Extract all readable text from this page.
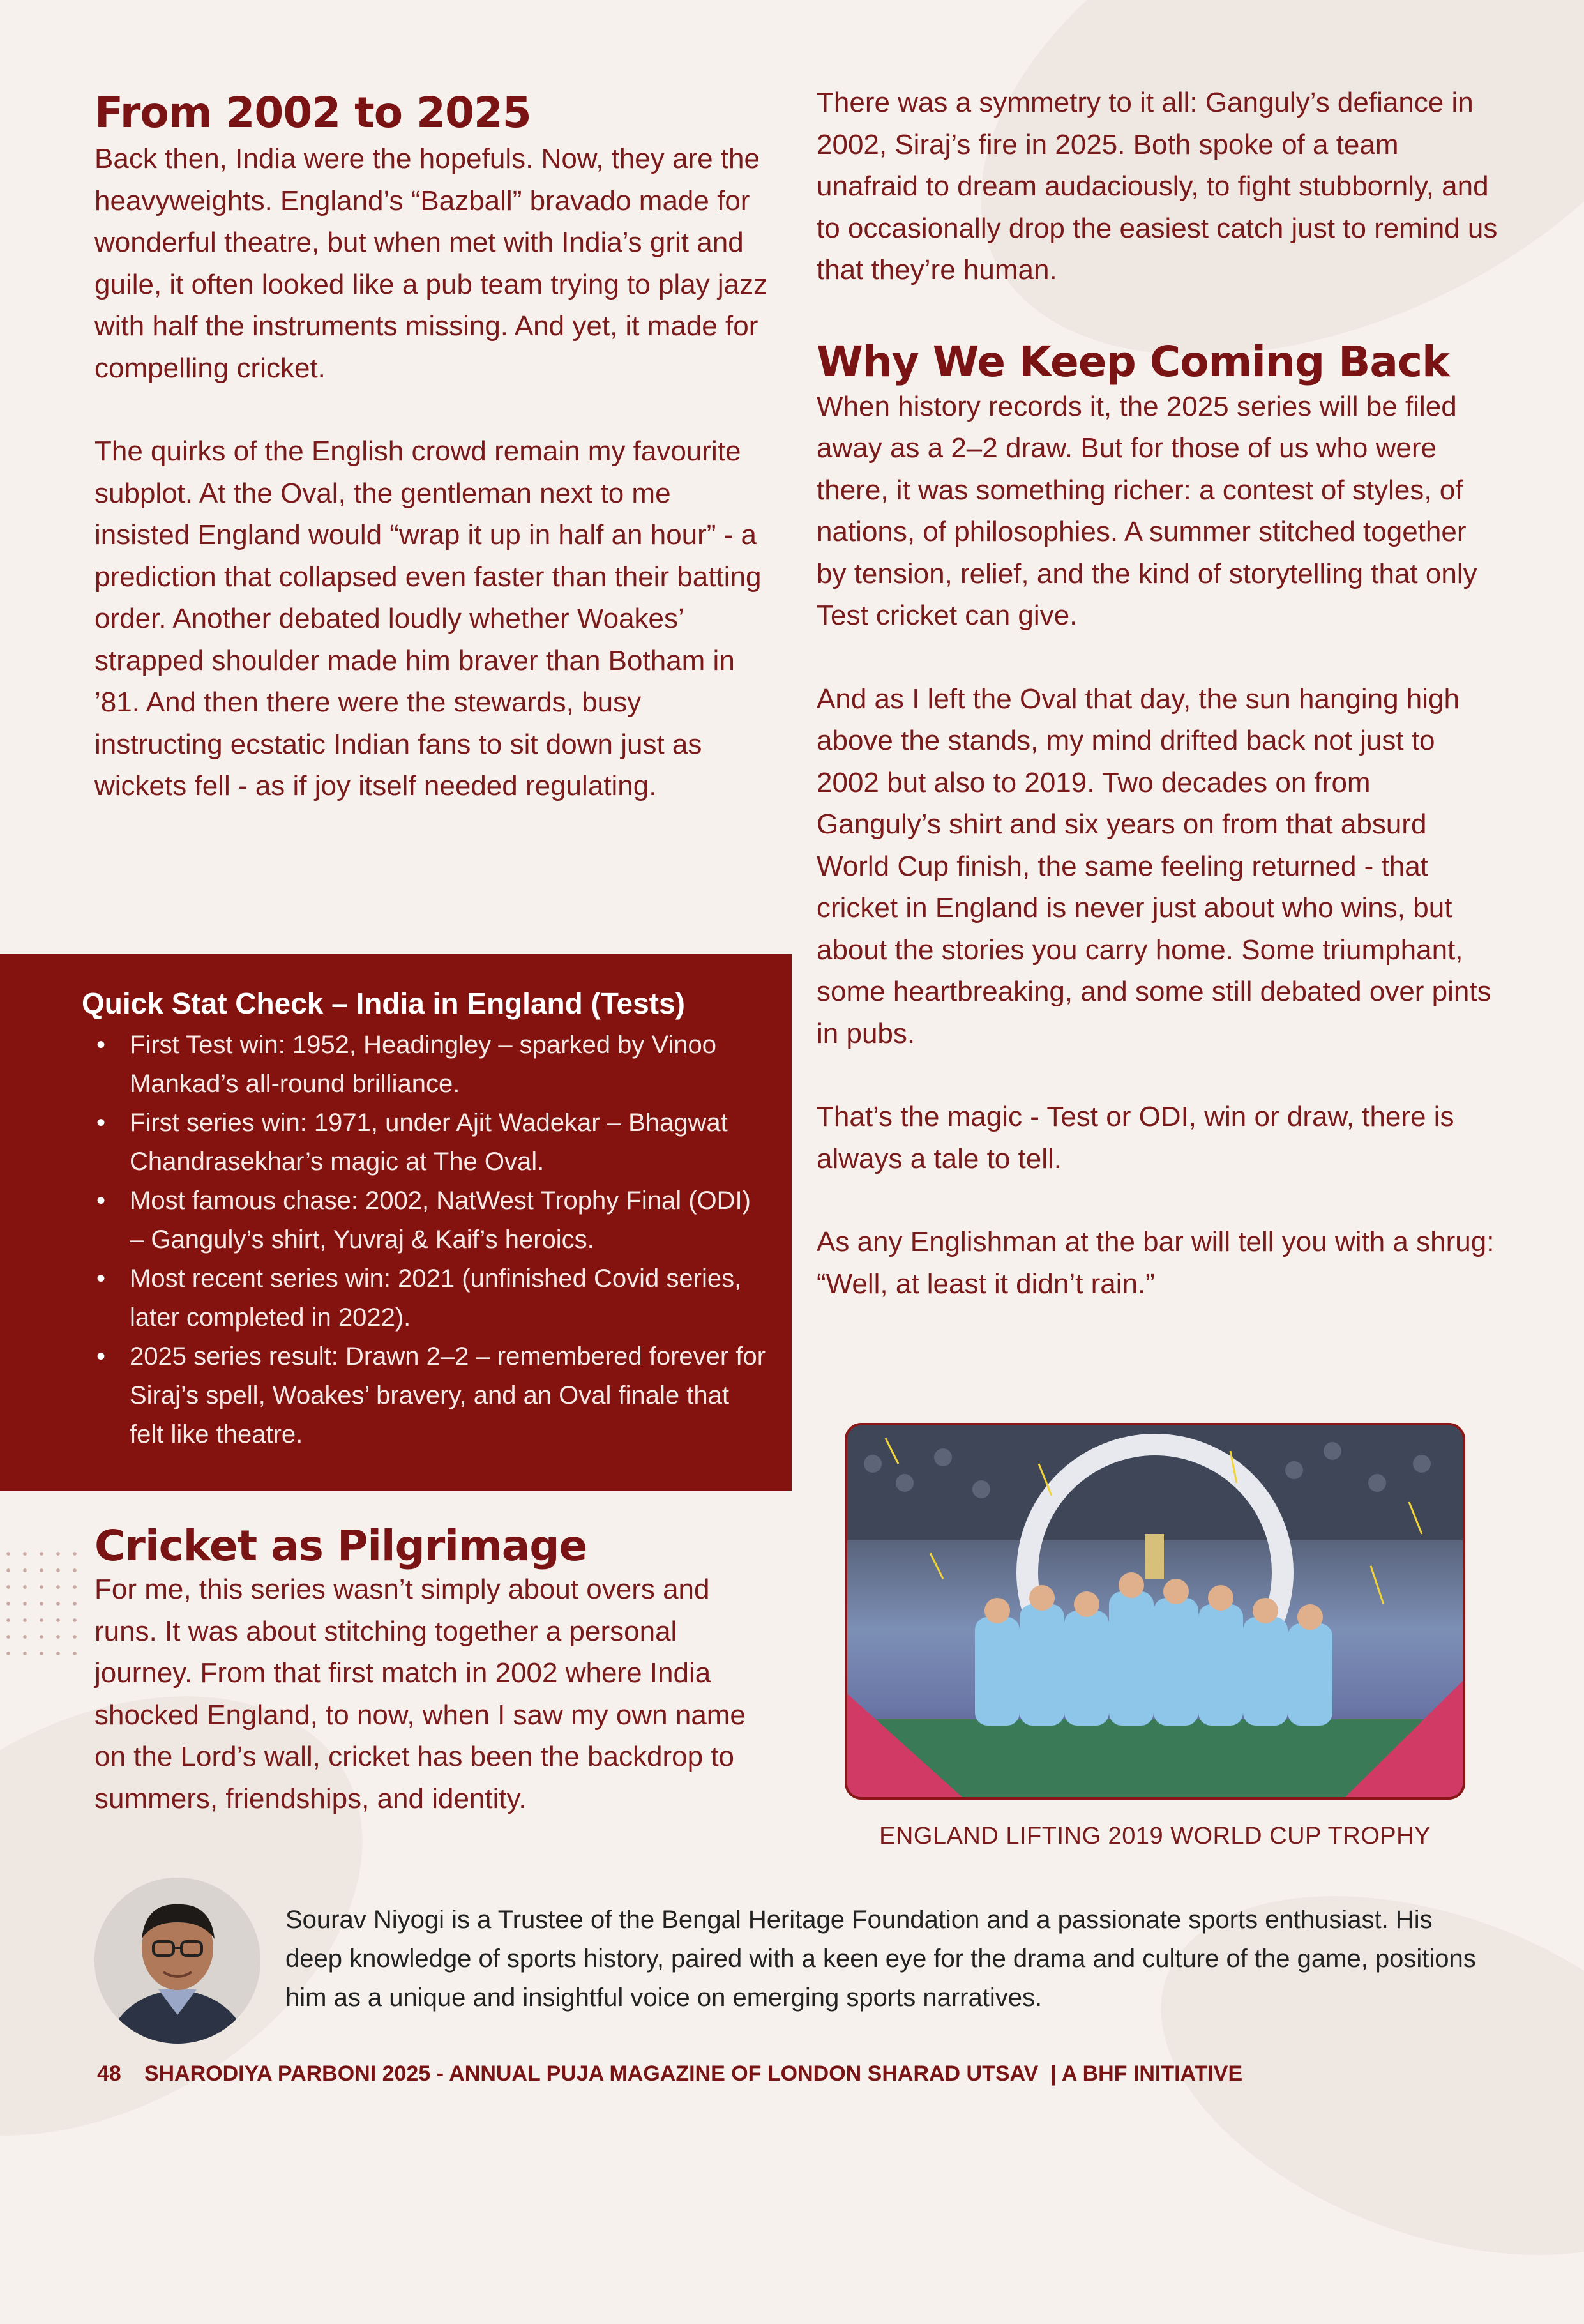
From 2002 to 2025

Back then, India were the hopefuls. Now, they are the heavyweights. England’s “Bazball” bravado made for wonderful theatre, but when met with India’s grit and guile, it often looked like a pub team trying to play jazz with half the instruments missing. And yet, it made for compelling cricket.

The quirks of the English crowd remain my favourite subplot. At the Oval, the gentleman next to me insisted England would “wrap it up in half an hour” - a prediction that collapsed even faster than their batting order. Another debated loudly whether Woakes’ strapped shoulder made him braver than Botham in ’81. And then there were the stewards, busy instructing ecstatic Indian fans to sit down just as wickets fell - as if joy itself needed regulating.

Quick Stat Check – India in England (Tests)
• First Test win: 1952, Headingley – sparked by Vinoo Mankad’s all-round brilliance.
• First series win: 1971, under Ajit Wadekar – Bhagwat Chandrasekhar’s magic at The Oval.
• Most famous chase: 2002, NatWest Trophy Final (ODI) – Ganguly’s shirt, Yuvraj & Kaif’s heroics.
• Most recent series win: 2021 (unfinished Covid series, later completed in 2022).
• 2025 series result: Drawn 2–2 – remembered forever for Siraj’s spell, Woakes’ bravery, and an Oval finale that felt like theatre.
Cricket as Pilgrimage

For me, this series wasn’t simply about overs and runs. It was about stitching together a personal journey. From that first match in 2002 where India shocked England, to now, when I saw my own name on the Lord’s wall, cricket has been the backdrop to summers, friendships, and identity.

There was a symmetry to it all: Ganguly’s defiance in 2002, Siraj’s fire in 2025. Both spoke of a team unafraid to dream audaciously, to fight stubbornly, and to occasionally drop the easiest catch just to remind us that they’re human.

Why We Keep Coming Back

When history records it, the 2025 series will be filed away as a 2–2 draw. But for those of us who were there, it was something richer: a contest of styles, of nations, of philosophies. A summer stitched together by tension, relief, and the kind of storytelling that only Test cricket can give.

And as I left the Oval that day, the sun hanging high above the stands, my mind drifted back not just to 2002 but also to 2019. Two decades on from Ganguly’s shirt and six years on from that absurd World Cup finish, the same feeling returned - that cricket in England is never just about who wins, but about the stories you carry home. Some triumphant, some heartbreaking, and some still debated over pints in pubs.

That’s the magic - Test or ODI, win or draw, there is always a tale to tell.

As any Englishman at the bar will tell you with a shrug: “Well, at least it didn’t rain.”

ENGLAND LIFTING 2019 WORLD CUP TROPHY

Sourav Niyogi is a Trustee of the Bengal Heritage Foundation and a passionate sports enthusiast. His deep knowledge of sports history, paired with a keen eye for the drama and culture of the game, positions him as a unique and insightful voice on emerging sports narratives.

48 SHARODIYA PARBONI 2025 - ANNUAL PUJA MAGAZINE OF LONDON SHARAD UTSAV  | A BHF INITIATIVE
